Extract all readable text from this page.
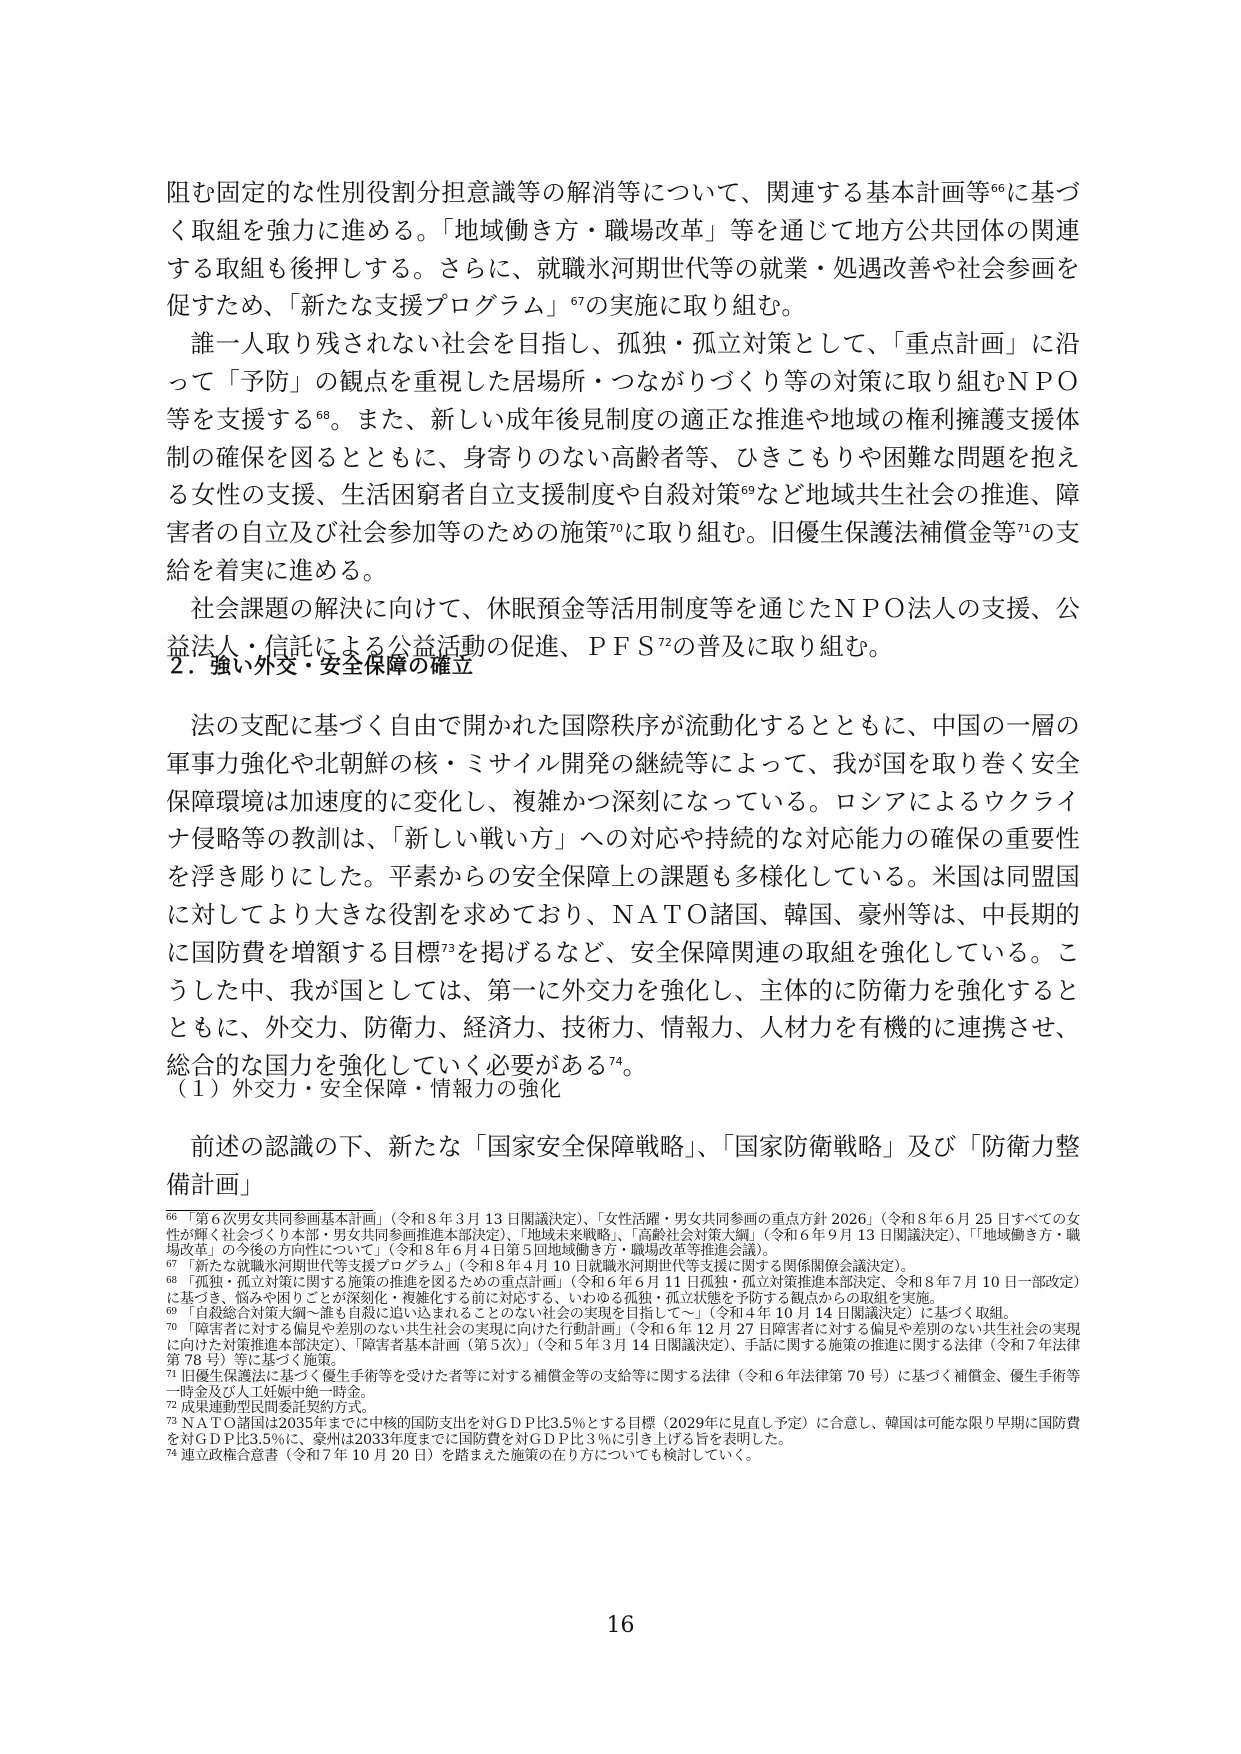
阻む固定的な性別役割分担意識等の解消等について、関連する基本計画等$^{66}$に基づく取組を強力に進める。「地域働き方・職場改革」等を通じて地方公共団体の関連する取組も後押しする。さらに、就職氷河期世代等の就業・処遇改善や社会参画を促すため、「新たな支援プログラム」$^{67}$の実施に取り組む。

誰一人取り残されない社会を目指し、孤独・孤立対策として、「重点計画」に沿って「予防」の観点を重視した居場所・つながりづくり等の対策に取り組むＮＰＯ等を支援する$^{68}$。また、新しい成年後見制度の適正な推進や地域の権利擁護支援体制の確保を図るとともに、身寄りのない高齢者等、ひきこもりや困難な問題を抱える女性の支援、生活困窮者自立支援制度や自殺対策$^{69}$など地域共生社会の推進、障害者の自立及び社会参加等のための施策$^{70}$に取り組む。旧優生保護法補償金等$^{71}$の支給を着実に進める。

社会課題の解決に向けて、休眠預金等活用制度等を通じたＮＰＯ法人の支援、公益法人・信託による公益活動の促進、ＰＦＳ$^{72}$の普及に取り組む。

２．強い外交・安全保障の確立

法の支配に基づく自由で開かれた国際秩序が流動化するとともに、中国の一層の軍事力強化や北朝鮮の核・ミサイル開発の継続等によって、我が国を取り巻く安全保障環境は加速度的に変化し、複雑かつ深刻になっている。ロシアによるウクライナ侵略等の教訓は、「新しい戦い方」への対応や持続的な対応能力の確保の重要性を浮き彫りにした。平素からの安全保障上の課題も多様化している。米国は同盟国に対してより大きな役割を求めており、ＮＡＴＯ諸国、韓国、豪州等は、中長期的に国防費を増額する目標$^{73}$を掲げるなど、安全保障関連の取組を強化している。こうした中、我が国としては、第一に外交力を強化し、主体的に防衛力を強化するとともに、外交力、防衛力、経済力、技術力、情報力、人材力を有機的に連携させ、総合的な国力を強化していく必要がある$^{74}$。

（１）外交力・安全保障・情報力の強化

前述の認識の下、新たな「国家安全保障戦略」、「国家防衛戦略」及び「防衛力整備計画」

$^{66}$ 「第６次男女共同参画基本計画」（令和８年３月 13 日閣議決定）、「女性活躍・男女共同参画の重点方針 2026」（令和８年６月 25 日すべての女性が輝く社会づくり本部・男女共同参画推進本部決定）、「地域未来戦略」、「高齢社会対策大綱」（令和６年９月 13 日閣議決定）、「「地域働き方・職場改革」の今後の方向性について」（令和８年６月４日第５回地域働き方・職場改革等推進会議）。

$^{67}$ 「新たな就職氷河期世代等支援プログラム」（令和８年４月 10 日就職氷河期世代等支援に関する関係閣僚会議決定）。

$^{68}$ 「孤独・孤立対策に関する施策の推進を図るための重点計画」（令和６年６月 11 日孤独・孤立対策推進本部決定、令和８年７月 10 日一部改定）に基づき、悩みや困りごとが深刻化・複雑化する前に対応する、いわゆる孤独・孤立状態を予防する観点からの取組を実施。

$^{69}$ 「自殺総合対策大綱～誰も自殺に追い込まれることのない社会の実現を目指して～」（令和４年 10 月 14 日閣議決定）に基づく取組。

$^{70}$ 「障害者に対する偏見や差別のない共生社会の実現に向けた行動計画」（令和６年 12 月 27 日障害者に対する偏見や差別のない共生社会の実現に向けた対策推進本部決定）、「障害者基本計画（第５次）」（令和５年３月 14 日閣議決定）、手話に関する施策の推進に関する法律（令和７年法律第 78 号）等に基づく施策。

$^{71}$ 旧優生保護法に基づく優生手術等を受けた者等に対する補償金等の支給等に関する法律（令和６年法律第 70 号）に基づく補償金、優生手術等一時金及び人工妊娠中絶一時金。

$^{72}$ 成果連動型民間委託契約方式。

$^{73}$ ＮＡＴＯ諸国は2035年までに中核的国防支出を対ＧＤＰ比3.5％とする目標（2029年に見直し予定）に合意し、韓国は可能な限り早期に国防費を対ＧＤＰ比3.5％に、豪州は2033年度までに国防費を対ＧＤＰ比３％に引き上げる旨を表明した。

$^{74}$ 連立政権合意書（令和７年 10 月 20 日）を踏まえた施策の在り方についても検討していく。

16
